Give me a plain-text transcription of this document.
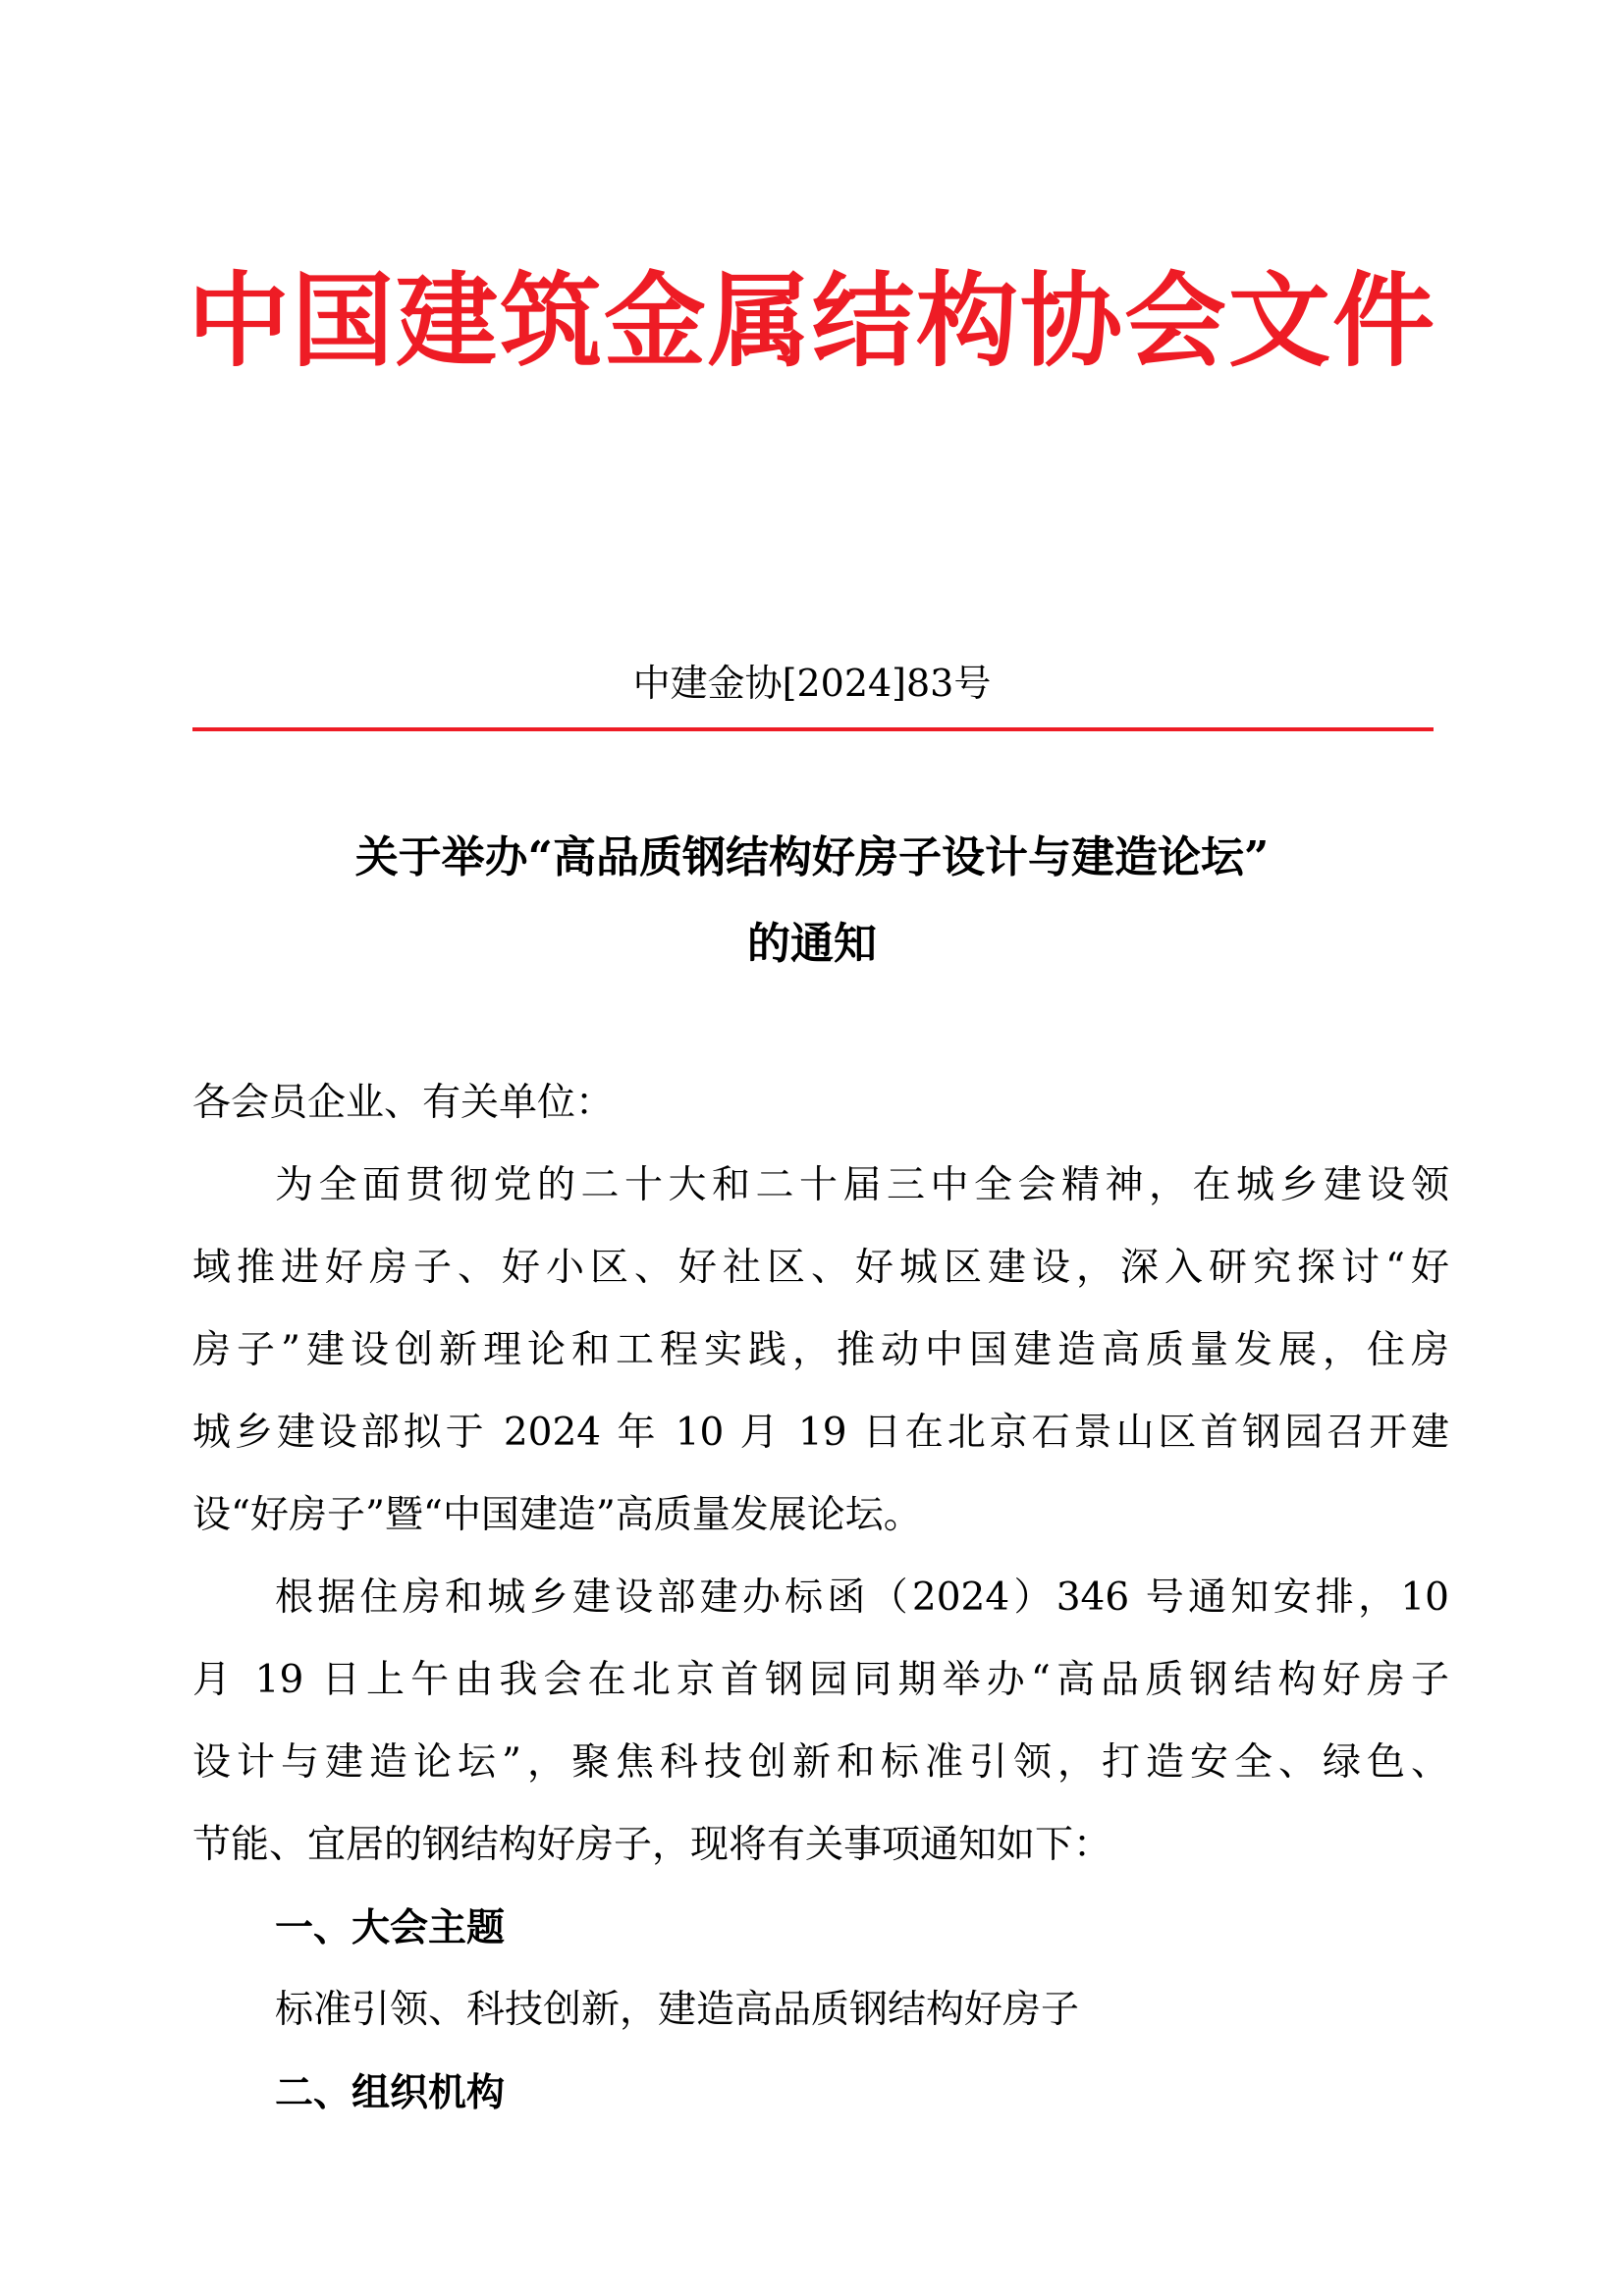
中国建筑金属结构协会文件
中建金协[2024]83号
关于举办“高品质钢结构好房子设计与建造论坛”
的通知
各会员企业、有关单位：
为全面贯彻党的二十大和二十届三中全会精神，在城乡建设领
域推进好房子、好小区、好社区、好城区建设，深入研究探讨“好
房子”建设创新理论和工程实践，推动中国建造高质量发展，住房
城乡建设部拟于 2024 年 10 月 19 日在北京石景山区首钢园召开建
设“好房子”暨“中国建造”高质量发展论坛。
根据住房和城乡建设部建办标函（2024）346 号通知安排，10
月 19 日上午由我会在北京首钢园同期举办“高品质钢结构好房子
设计与建造论坛”，聚焦科技创新和标准引领，打造安全、绿色、
节能、宜居的钢结构好房子，现将有关事项通知如下：
一、大会主题
标准引领、科技创新，建造高品质钢结构好房子
二、组织机构
